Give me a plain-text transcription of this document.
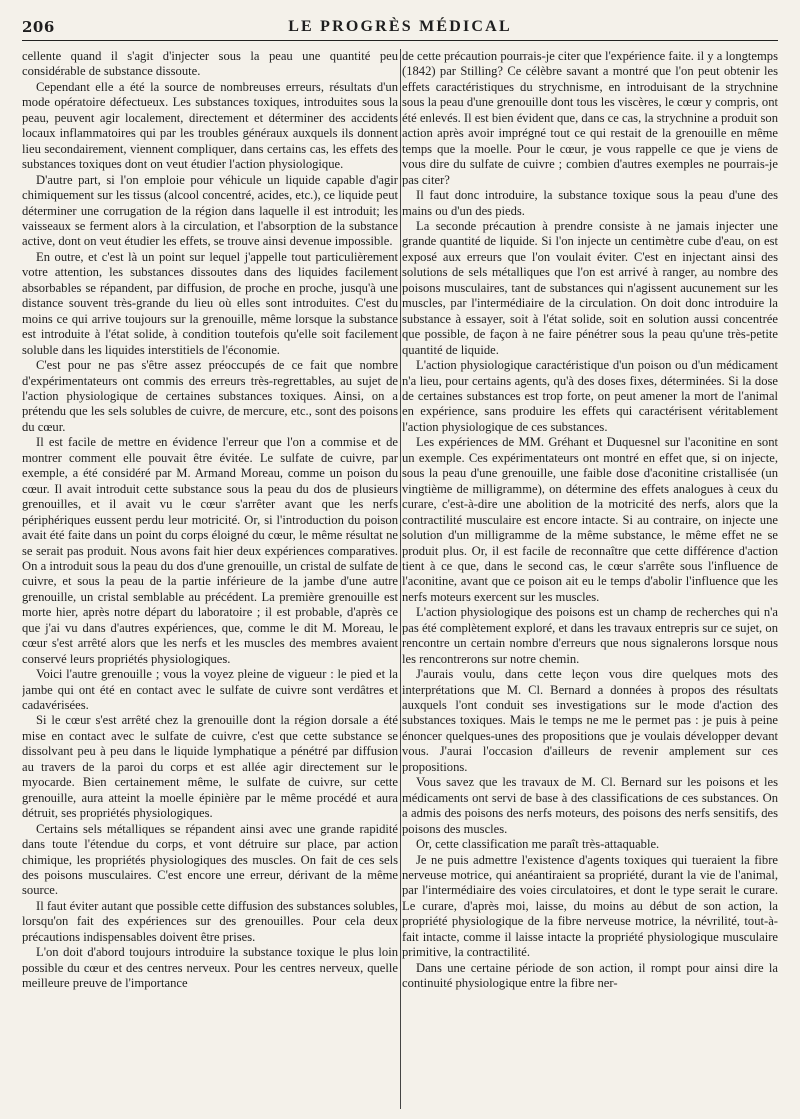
206	LE PROGRÈS MÉDICAL

cellente quand il s'agit d'injecter sous la peau une quantité peu considérable de substance dissoute.

Cependant elle a été la source de nombreuses erreurs, résultats d'un mode opératoire défectueux. Les substances toxiques, introduites sous la peau, peuvent agir localement, directement et déterminer des accidents locaux inflammatoires qui par les troubles généraux auxquels ils donnent lieu secondairement, viennent compliquer, dans certains cas, les effets des substances toxiques dont on veut étudier l'action physiologique.

D'autre part, si l'on emploie pour véhicule un liquide capable d'agir chimiquement sur les tissus (alcool concentré, acides, etc.), ce liquide peut déterminer une corrugation de la région dans laquelle il est introduit; les vaisseaux se ferment alors à la circulation, et l'absorption de la substance active, dont on veut étudier les effets, se trouve ainsi devenue impossible.

En outre, et c'est là un point sur lequel j'appelle tout particulièrement votre attention, les substances dissoutes dans des liquides facilement absorbables se répandent, par diffusion, de proche en proche, jusqu'à une distance souvent très-grande du lieu où elles sont introduites. C'est du moins ce qui arrive toujours sur la grenouille, même lorsque la substance est introduite à l'état solide, à condition toutefois qu'elle soit facilement soluble dans les liquides interstitiels de l'économie.

C'est pour ne pas s'être assez préoccupés de ce fait que nombre d'expérimentateurs ont commis des erreurs très-regrettables, au sujet de l'action physiologique de certaines substances toxiques. Ainsi, on a prétendu que les sels solubles de cuivre, de mercure, etc., sont des poisons du cœur.

Il est facile de mettre en évidence l'erreur que l'on a commise et de montrer comment elle pouvait être évitée. Le sulfate de cuivre, par exemple, a été considéré par M. Armand Moreau, comme un poison du cœur. Il avait introduit cette substance sous la peau du dos de plusieurs grenouilles, et il avait vu le cœur s'arrêter avant que les nerfs périphériques eussent perdu leur motricité. Or, si l'introduction du poison avait été faite dans un point du corps éloigné du cœur, le même résultat ne se serait pas produit. Nous avons fait hier deux expériences comparatives. On a introduit sous la peau du dos d'une grenouille, un cristal de sulfate de cuivre, et sous la peau de la partie inférieure de la jambe d'une autre grenouille, un cristal semblable au précédent. La première grenouille est morte hier, après notre départ du laboratoire ; il est probable, d'après ce que j'ai vu dans d'autres expériences, que, comme le dit M. Moreau, le cœur s'est arrêté alors que les nerfs et les muscles des membres avaient conservé leurs propriétés physiologiques.

Voici l'autre grenouille ; vous la voyez pleine de vigueur : le pied et la jambe qui ont été en contact avec le sulfate de cuivre sont verdâtres et cadavérisées.

Si le cœur s'est arrêté chez la grenouille dont la région dorsale a été mise en contact avec le sulfate de cuivre, c'est que cette substance se dissolvant peu à peu dans le liquide lymphatique a pénétré par diffusion au travers de la paroi du corps et est allée agir directement sur le myocarde. Bien certainement même, le sulfate de cuivre, sur cette grenouille, aura atteint la moelle épinière par le même procédé et aura détruit, ses propriétés physiologiques.

Certains sels métalliques se répandent ainsi avec une grande rapidité dans toute l'étendue du corps, et vont détruire sur place, par action chimique, les propriétés physiologiques des muscles. On fait de ces sels des poisons musculaires. C'est encore une erreur, dérivant de la même source.

Il faut éviter autant que possible cette diffusion des substances solubles, lorsqu'on fait des expériences sur des grenouilles. Pour cela deux précautions indispensables doivent être prises.

L'on doit d'abord toujours introduire la substance toxique le plus loin possible du cœur et des centres nerveux. Pour les centres nerveux, quelle meilleure preuve de l'importance

de cette précaution pourrais-je citer que l'expérience faite. il y a longtemps (1842) par Stilling? Ce célèbre savant a montré que l'on peut obtenir les effets caractéristiques du strychnisme, en introduisant de la strychnine sous la peau d'une grenouille dont tous les viscères, le cœur y compris, ont été enlevés. Il est bien évident que, dans ce cas, la strychnine a produit son action après avoir imprégné tout ce qui restait de la grenouille en même temps que la moelle. Pour le cœur, je vous rappelle ce que je viens de vous dire du sulfate de cuivre ; combien d'autres exemples ne pourrais-je pas citer?

Il faut donc introduire, la substance toxique sous la peau d'une des mains ou d'un des pieds.

La seconde précaution à prendre consiste à ne jamais injecter une grande quantité de liquide. Si l'on injecte un centimètre cube d'eau, on est exposé aux erreurs que l'on voulait éviter. C'est en injectant ainsi des solutions de sels métalliques que l'on est arrivé à ranger, au nombre des poisons musculaires, tant de substances qui n'agissent aucunement sur les muscles, par l'intermédiaire de la circulation. On doit donc introduire la substance à essayer, soit à l'état solide, soit en solution aussi concentrée que possible, de façon à ne faire pénétrer sous la peau qu'une très-petite quantité de liquide.

L'action physiologique caractéristique d'un poison ou d'un médicament n'a lieu, pour certains agents, qu'à des doses fixes, déterminées. Si la dose de certaines substances est trop forte, on peut amener la mort de l'animal en expérience, sans produire les effets qui caractérisent véritablement l'action physiologique de ces substances.

Les expériences de MM. Gréhant et Duquesnel sur l'aconitine en sont un exemple. Ces expérimentateurs ont montré en effet que, si on injecte, sous la peau d'une grenouille, une faible dose d'aconitine cristallisée (un vingtième de milligramme), on détermine des effets analogues à ceux du curare, c'est-à-dire une abolition de la motricité des nerfs, alors que la contractilité musculaire est encore intacte. Si au contraire, on injecte une solution d'un milligramme de la même substance, le même effet ne se produit plus. Or, il est facile de reconnaître que cette différence d'action tient à ce que, dans le second cas, le cœur s'arrête sous l'influence de l'aconitine, avant que ce poison ait eu le temps d'abolir l'influence que les nerfs moteurs exercent sur les muscles.

L'action physiologique des poisons est un champ de recherches qui n'a pas été complètement exploré, et dans les travaux entrepris sur ce sujet, on rencontre un certain nombre d'erreurs que nous signalerons lorsque nous les rencontrerons sur notre chemin.

J'aurais voulu, dans cette leçon vous dire quelques mots des interprétations que M. Cl. Bernard a données à propos des résultats auxquels l'ont conduit ses investigations sur le mode d'action des substances toxiques. Mais le temps ne me le permet pas : je puis à peine énoncer quelques-unes des propositions que je voulais développer devant vous. J'aurai l'occasion d'ailleurs de revenir amplement sur ces propositions.

Vous savez que les travaux de M. Cl. Bernard sur les poisons et les médicaments ont servi de base à des classifications de ces substances. On a admis des poisons des nerfs moteurs, des poisons des nerfs sensitifs, des poisons des muscles.

Or, cette classification me paraît très-attaquable.

Je ne puis admettre l'existence d'agents toxiques qui tueraient la fibre nerveuse motrice, qui anéantiraient sa propriété, durant la vie de l'animal, par l'intermédiaire des voies circulatoires, et dont le type serait le curare. Le curare, d'après moi, laisse, du moins au début de son action, la propriété physiologique de la fibre nerveuse motrice, la névrilité, tout-à-fait intacte, comme il laisse intacte la propriété physiologique musculaire primitive, la contractilité.

Dans une certaine période de son action, il rompt pour ainsi dire la continuité physiologique entre la fibre ner-
